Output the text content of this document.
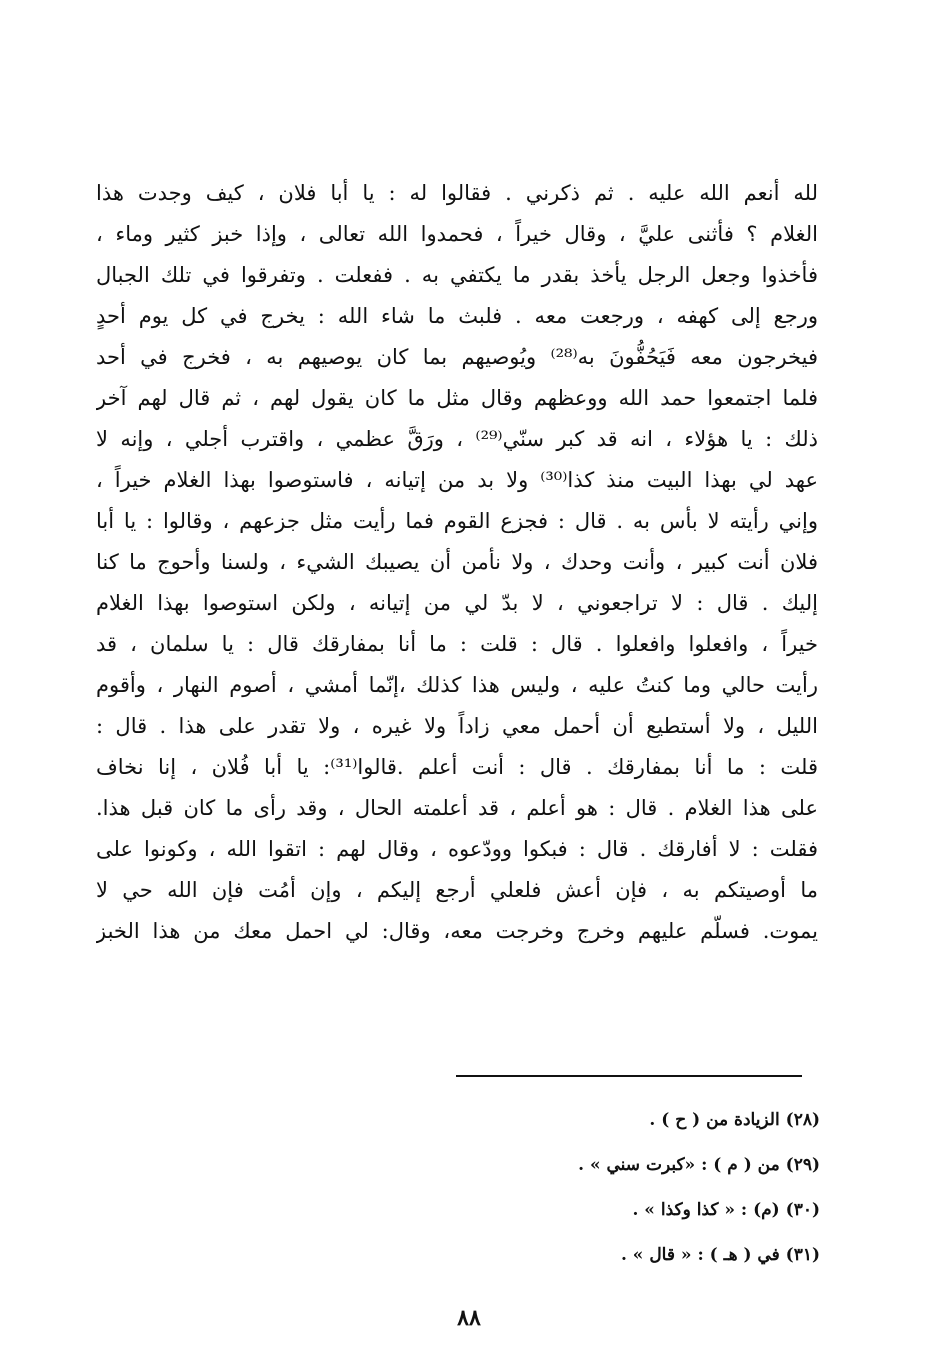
لله أنعم الله عليه . ثم ذكرني . فقالوا له : يا أبا فلان ، كيف وجدت هذا
الغلام ؟ فأثنى عليَّ ، وقال خيراً ، فحمدوا الله تعالى ، وإذا خبز كثير وماء ،
فأخذوا وجعل الرجل يأخذ بقدر ما يكتفي به . ففعلت . وتفرقوا في تلك الجبال
ورجع إلى كهفه ، ورجعت معه . فلبث ما شاء الله : يخرج في كل يوم أحدٍ
فيخرجون معه فَيَحُفُّونَ به⁽²⁸⁾ ويُوصيهم بما كان يوصيهم به ، فخرج في أحد
فلما اجتمعوا حمد الله ووعظهم وقال مثل ما كان يقول لهم ، ثم قال لهم آخر
ذلك : يا هؤلاء ، انه قد كبر سنّي⁽²⁹⁾ ، ورَقَّ عظمي ، واقترب أجلي ، وإنه لا
عهد لي بهذا البيت منذ كذا⁽³⁰⁾ ولا بد من إتيانه ، فاستوصوا بهذا الغلام خيراً ،
وإني رأيته لا بأس به . قال : فجزع القوم فما رأيت مثل جزعهم ، وقالوا : يا أبا
فلان أنت كبير ، وأنت وحدك ، ولا نأمن أن يصيبك الشيء ، ولسنا وأحوج ما كنا
إليك . قال : لا تراجعوني ، لا بدّ لي من إتيانه ، ولكن استوصوا بهذا الغلام
خيراً ، وافعلوا وافعلوا . قال : قلت : ما أنا بمفارقك قال : يا سلمان ، قد
رأيت حالي وما كنتُ عليه ، وليس هذا كذلك ،إنّما أمشي ، أصوم النهار ، وأقوم
الليل ، ولا أستطيع أن أحمل معي زاداً ولا غيره ، ولا تقدر على هذا . قال :
قلت : ما أنا بمفارقك . قال : أنت أعلم .قالوا⁽³¹⁾: يا أبا فُلان ، إنا نخاف
على هذا الغلام . قال : هو أعلم ، قد أعلمته الحال ، وقد رأى ما كان قبل هذا.
فقلت : لا أفارقك . قال : فبكوا وودّعوه ، وقال لهم : اتقوا الله ، وكونوا على
ما أوصيتكم به ، فإن أعش فلعلي أرجع إليكم ، وإن أمُت فإن الله حي لا
يموت. فسلّم عليهم وخرج وخرجت معه، وقال: لي احمل معك من هذا الخبز
(٢٨) الزيادة من ( ح ) .
(٢٩) من ( م ) : «كبرت سني » .
(٣٠) (م) : « كذا وكذا » .
(٣١) في ( هـ ) : « قال » .
٨٨
